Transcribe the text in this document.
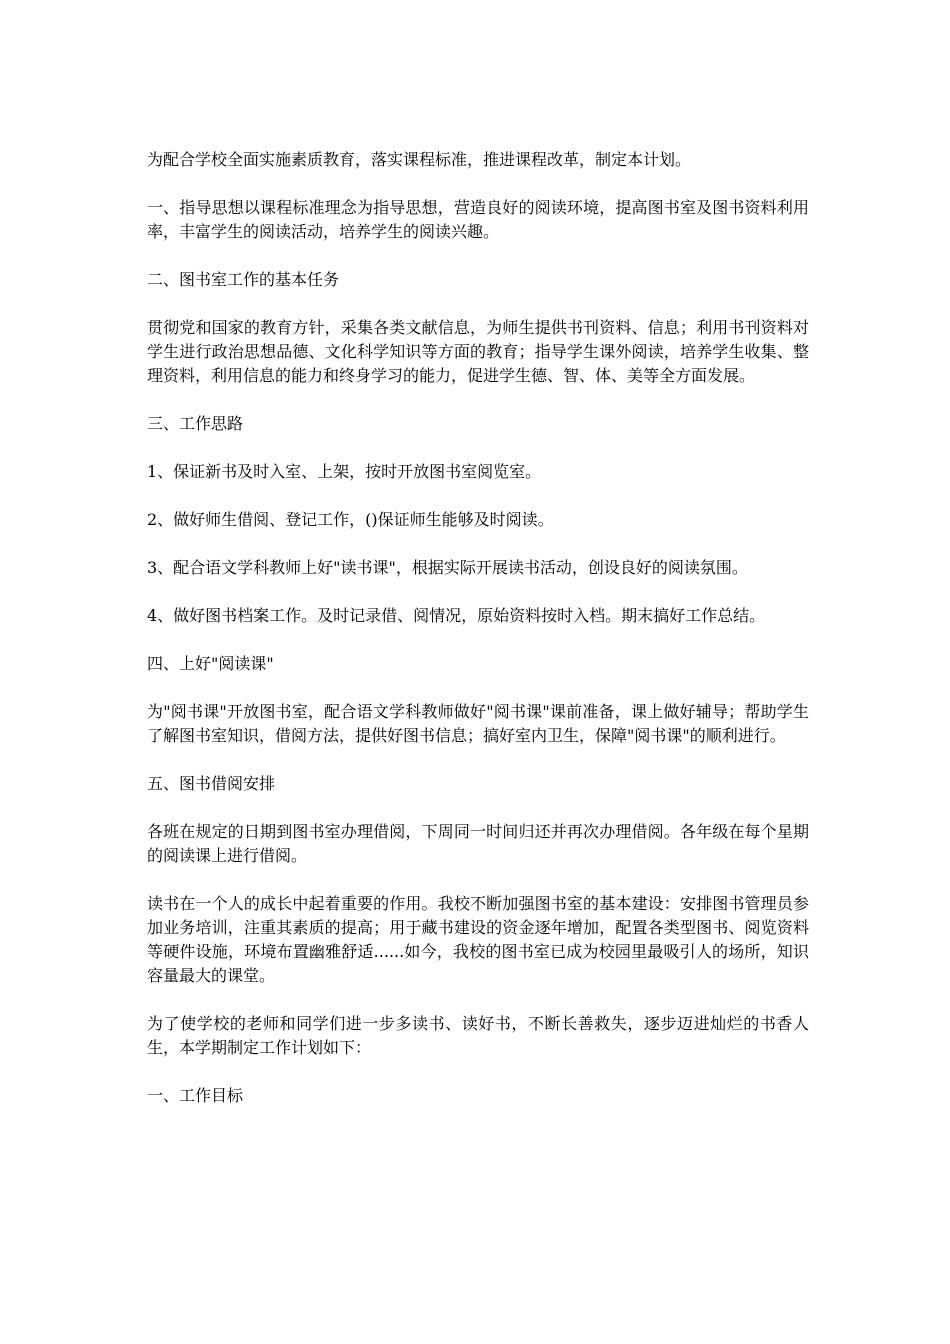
为配合学校全面实施素质教育，落实课程标准，推进课程改革，制定本计划。

一、指导思想以课程标准理念为指导思想，营造良好的阅读环境，提高图书室及图书资料利用率，丰富学生的阅读活动，培养学生的阅读兴趣。

二、图书室工作的基本任务

贯彻党和国家的教育方针，采集各类文献信息，为师生提供书刊资料、信息；利用书刊资料对学生进行政治思想品德、文化科学知识等方面的教育；指导学生课外阅读，培养学生收集、整理资料，利用信息的能力和终身学习的能力，促进学生德、智、体、美等全方面发展。

三、工作思路

1、保证新书及时入室、上架，按时开放图书室阅览室。

2、做好师生借阅、登记工作，()保证师生能够及时阅读。

3、配合语文学科教师上好"读书课"，根据实际开展读书活动，创设良好的阅读氛围。

4、做好图书档案工作。及时记录借、阅情况，原始资料按时入档。期末搞好工作总结。

四、上好"阅读课"

为"阅书课"开放图书室，配合语文学科教师做好"阅书课"课前准备，课上做好辅导；帮助学生了解图书室知识，借阅方法，提供好图书信息；搞好室内卫生，保障"阅书课"的顺利进行。

五、图书借阅安排

各班在规定的日期到图书室办理借阅，下周同一时间归还并再次办理借阅。各年级在每个星期的阅读课上进行借阅。

读书在一个人的成长中起着重要的作用。我校不断加强图书室的基本建设：安排图书管理员参加业务培训，注重其素质的提高；用于藏书建设的资金逐年增加，配置各类型图书、阅览资料等硬件设施，环境布置幽雅舒适......如今，我校的图书室已成为校园里最吸引人的场所，知识容量最大的课堂。

为了使学校的老师和同学们进一步多读书、读好书，不断长善救失，逐步迈进灿烂的书香人生，本学期制定工作计划如下：

一、工作目标
